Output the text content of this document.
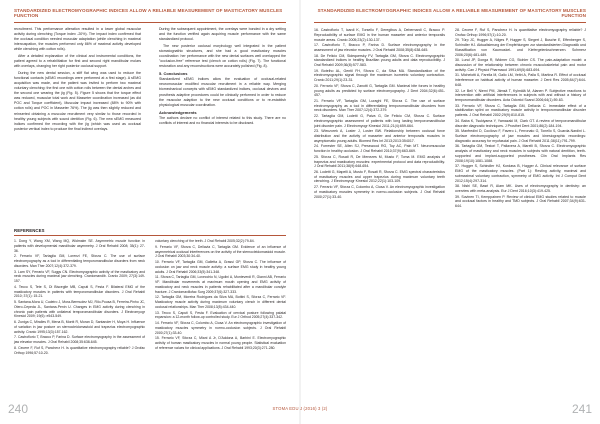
STANDARDIZED ELECTROMYOGRAPHIC INDICES ALLOW A RELIABLE MEASUREMENT OF MASTICATORY MUSCLES FUNCTION

recruitment. This performance alteration resulted in a lower global muscular activity during clenching (Torque index -20%). The impact index confirmed that the occlusal condition needed muscular adaptation (while clenching in maximal intercuspation, the muscles performed only 86% of maximal activity developed while clenching with cotton rolls).

After a detailed explanation of the clinical and instrumental conditions, the patient agreed to a rehabilitation for first and second right mandibular molars with overlays, changing her right posterior occlusal support.

During the new dental session, a stiff flat wing was used to reduce the functional contacts (sEMG recordings were performed at a first stage). A sEMG acquisition was made, and the patient was invited to perform two maximal voluntary clenching: the first one with cotton rolls between the dental arches and the second one wearing the jig (Fig. 5). Figure 5 shows that the torque effect was reduced, muscular total work and Masseter coordination increased (as did POC and Torque coefficient), Muscular impact increased (88% to 90% with cotton rolls) and POC in Masseter 76%). The jig was then slightly reduced and reinserted obtaining a muscular recruitment very similar to those recorded in healthy young subjects with sound dentition (Fig. 6). The new sEMG measured indices confirmed the recording with the jig (which was used as occlusal posterior vertical index to produce the final indirect overlays.

During the subsequent appointment, the overlays were bonded in a dry setting and the function verified again acquiring muscle performance with the same standardized protocol.

The new posterior occlusal morphology well integrated in the patient stomatognathic structures, and she had a good masticatory muscles coordination: her performance with the new dental surfaces well overlapped the "occlusion-free" reference test (clench on cotton rolls) (Fig. 7). The functional restoration and any reconstructions were accurately polished (Fig. 8).

5. Conclusions

Standardized sEMG indices allow the evaluation of occlusal-related neuromuscular modified muscular recruitment in a reliable way. Merging biomechanical concepts with sEMG standardized indices, occlusal devices and prosthesis adaptive procedures could be clinically performed in order to reduce the muscular adaption to the new occlusal conditions or to re-establish physiological muscular coordination.

Acknowledgements

The authors declare no conflict of interest related to this study. There are no conflicts of interest and no financial interests to be disclosed.

REFERENCES

1. Dong Y, Wang XM, Wang MQ, Widmalm SE. Asymmetric muscle function in patients with developmental mandibular asymmetry. J Oral Rehabil 2008; 35(1): 27-36.

2. Ferrario VF, Tartaglia GM, Lorenzi FE, Sforza C. The use of surface electromyography as a tool in differentiating temporomandibular disorders from neck disorders. Man Ther 2007;12(4):372-379.

3. Lam SY, Ferrario VF, Suggs CN. Electromyographic activity of the masticatory and neck muscles during maximal jaw clenching. Craniomandib. Cranio 2009; 27(3):149-157.

4. Tecco S, Tete S, Di Bisceglie MB, Caputi S, Festa F. Bilateral EMG of the masticatory muscles in patients with temporomandibular disorders. J Oral Rehabil 2010; 37(1): 15-21.

5. Santana-Mora U, Cudeiro J, Mora-Bermudez MJ, Rilo-Pousa B, Ferreira-Pinho JC, Otero-Cepeda JL, Santana-Penin U. Changes in EMG activity during clenching in chronic pain patients with unilateral temporomandibular disorders. J Electromyogr Kinesiol 2009; 19(6): e543-549.

6. Zuniga C, Miralles R, Mena B, Montt R, Moran D, Santander H, Moya H. Influence of variation in jaw posture on sternocleidomastoid and trapezius electromyographic activity. Cranio 1995;13(3):157-162.

7. Castroflorio T, Bracco P, Farina D. Surface electromyography in the assessment of jaw elevator muscles. J Oral Rehabil 2008;35:638-645.

8. Cecere F, Ruf S, Pancherz H. Is quantitative electromyography reliable? J Orofac Orthop 1996;57:10-20.

voluntary clenching of the teeth. J Oral Rehabil 2005;32(2):79-84.

9. Ferrario VF, Sforza C, Dellavia C, Tartaglia GM. Evidence of an influence of asymmetrical occlusal interferences on the activity of the sternocleidomastoid muscle. J Oral Rehabil 2003;30:34-40.

10. Ferrario VF, Tartaglia GM, Galletta A, Grassi GP, Sforza C. The influence of occlusion on jaw and neck muscle activity: a surface EMG study in healthy young adults. J Oral Rehabil 2006;33(5):341-348.

11. Sforza C, Tartaglia GM, Lovecchio N, Ugolini A, Monteverdi R, Gianni AB, Ferrario VF. Mandibular movements at maximum mouth opening and EMG activity of masticatory and neck muscles in patients rehabilitated after a mandibular condyle fracture. J Craniomaxillofac Surg 2009;37(6):327-333.

12. Tartaglia GM, Moreira Rodrigues da Silva MA, Bottini S, Sforza C, Ferrario VF. Masticatory muscle activity during maximum voluntary clench in different dental occlusal relationships. Man Ther 2008;13(5):434-440.

13. Tecco S, Caputi S, Festa F. Evaluation of cervical posture following palatal expansion: a 12-month follow-up controlled study. Eur J Orthod 2005;27(4):337-342.

14. Ferrario VF, Sforza C, Colombo A, Ciusa V. An electromyographic investigation of masticatory muscles symmetry in normo-occlusion subjects. J Oral Rehabil 2000;27(1):33-40.

15. Ferrario VF, Sforza C, Miani A Jr, D'Addona A, Barbini E. Electromyographic activity of human masticatory muscles in normal young people. Statistical evaluation of reference values for clinical applications. J Oral Rehabil 1993;20(3):271-280.

240
STANDARDIZED ELECTROMYOGRAPHIC INDICES ALLOW A RELIABLE MEASUREMENT OF MASTICATORY MUSCLES FUNCTION

16. Castroflorio T, Icardi K, Torsello F, Deregibus A, Debernardi C, Bracco P. Reproducibility of surface EMG in the human masseter and anterior temporalis muscle areas. Cranio 2005;23(2):130-137.

17. Castroflorio T, Bracco P, Farina D. Surface electromyography in the assessment of jaw elevator muscles. J Oral Rehabil 2008;35(8):638-645.

18. De Felicio CM, Sidequersky FV, Tartaglia GM, Sforza C. Electromyographic standardized indices in healthy Brazilian young adults and data reproducibility. J Oral Rehabil 2009;36(8):577-583.

19. Botelho AL, Gentil FH, Sforza C, da Silva MA. Standardization of the electromyographic signal through the maximum isometric voluntary contraction. Cranio 2011;29(1):23-31.

20. Ferrario VF, Sforza C, Zanotti G, Tartaglia GM. Maximal bite forces in healthy young adults as predicted by surface electromyography. J Dent 2004;32(6):451-457.

21. Ferrario VF, Tartaglia GM, Luraghi FE, Sforza C. The use of surface electromyography as a tool in differentiating temporomandibular disorders from neck disorders. Man Ther 2007;12(4):372-379.

22. Tartaglia GM, Lodetti G, Paiva G, De Felicio CM, Sforza C. Surface electromyographic assessment of patients with long lasting temporomandibular joint disorder pain. J Electromyogr Kinesiol 2011;21(4):659-664.

23. Wieczorek A, Loster J, Loster BW. Relationship between occlusal force distribution and the activity of masseter and anterior temporalis muscles in asymptomatic young adults. Biomed Res Int 2013;2013:354017.

24. Forrester SE, Allen SJ, Presswood RG, Toy AC, Pain MT. Neuromuscular function in healthy occlusion. J Oral Rehabil 2010;37(9):663-669.

25. Sforza C, Rosati R, De Menezes M, Musto F, Toma M. EMG analysis of trapezius and masticatory muscles: experimental protocol and data reproducibility. J Oral Rehabil 2011;38(9):648-654.

26. Lodetti G, Mapelli A, Musto F, Rosati R, Sforza C. EMG spectral characteristics of masticatory muscles and upper trapezius during maximum voluntary teeth clenching. J Electromyogr Kinesiol 2012;22(1):103-109.

27. Ferrario VF, Sforza C, Colombo A, Ciusa V. An electromyographic investigation of masticatory muscles symmetry in normo-occlusion subjects. J Oral Rehabil 2000;27(1):33-40.

28. Cecere F, Ruf S, Pancherz H. Is quantitative electromyography reliable? J Orofac Orthop 1996;57(1):10-20.

29. Türp JC, Hugger A, Nilges P, Hugger S, Siegert J, Busche E, Effenberger S, Schindler HJ. Aktualisierung der Empfehlungen zur standardisierten Diagnostik und Klassifikation von Kaumuskel- und Kiefergelenkschmerzen. Schmerz 2006;20(6):481-489.

30. Lund JP, Donga R, Widmer CG, Stohler CS. The pain-adaptation model: a discussion of the relationship between chronic musculoskeletal pain and motor activity. Can J Physiol Pharmacol 1991;69(5):683-694.

31. Michelotti A, Farella M, Gallo LM, Veltri A, Palla S, Martina R. Effect of occlusal interference on habitual activity of human masseter. J Dent Res 2005;84(7):644-648.

32. Le Bell Y, Niemi PM, Jämsä T, Kylmälä M, Alanen P. Subjective reactions to intervention with artificial interferences in subjects with and without a history of temporomandibular disorders. Acta Odontol Scand 2006;64(1):59-63.

33. Ferrario VF, Sforza C, Tartaglia GM, Dellavia C. Immediate effect of a stabilization splint on masticatory muscle activity in temporomandibular disorder patients. J Oral Rehabil 2002;29(9):810-815.

34. Baba K, Tsukiyama Y, Yamazaki M, Clark GT. A review of temporomandibular disorder diagnostic techniques. J Prosthet Dent 2001;86(2):184-194.

35. Manfredini D, Cocilovo F, Favero L, Ferronato G, Tonello S, Guarda-Nardini L. Surface electromyography of jaw muscles and kinesiographic recordings: diagnostic accuracy for myofascial pain. J Oral Rehabil 2011;38(11):791-799.

36. Tartaglia GM, Testori T, Pallavera A, Marelli B, Sforza C. Electromyographic analysis of masticatory and neck muscles in subjects with natural dentition, teeth-supported and implant-supported prostheses. Clin Oral Implants Res 2008;19(10):1081-1088.

37. Hugger S, Schindler HJ, Kordass B, Hugger A. Clinical relevance of surface EMG of the masticatory muscles. (Part 1): Resting activity, maximal and submaximal voluntary contraction, symmetry of EMG activity. Int J Comput Dent 2012;15(4):297-314.

38. Nishi SE, Basri R, Alam MK. Uses of electromyography in dentistry: an overview with meta-analysis. Eur J Dent 2016;10(3):419-425.

39. Suvinen TI, Kemppainen P. Review of clinical EMG studies related to muscle and occlusal factors in healthy and TMD subjects. J Oral Rehabil 2007;34(9):631-644.

241
STOMA EDU J (2016) 3 (2)
